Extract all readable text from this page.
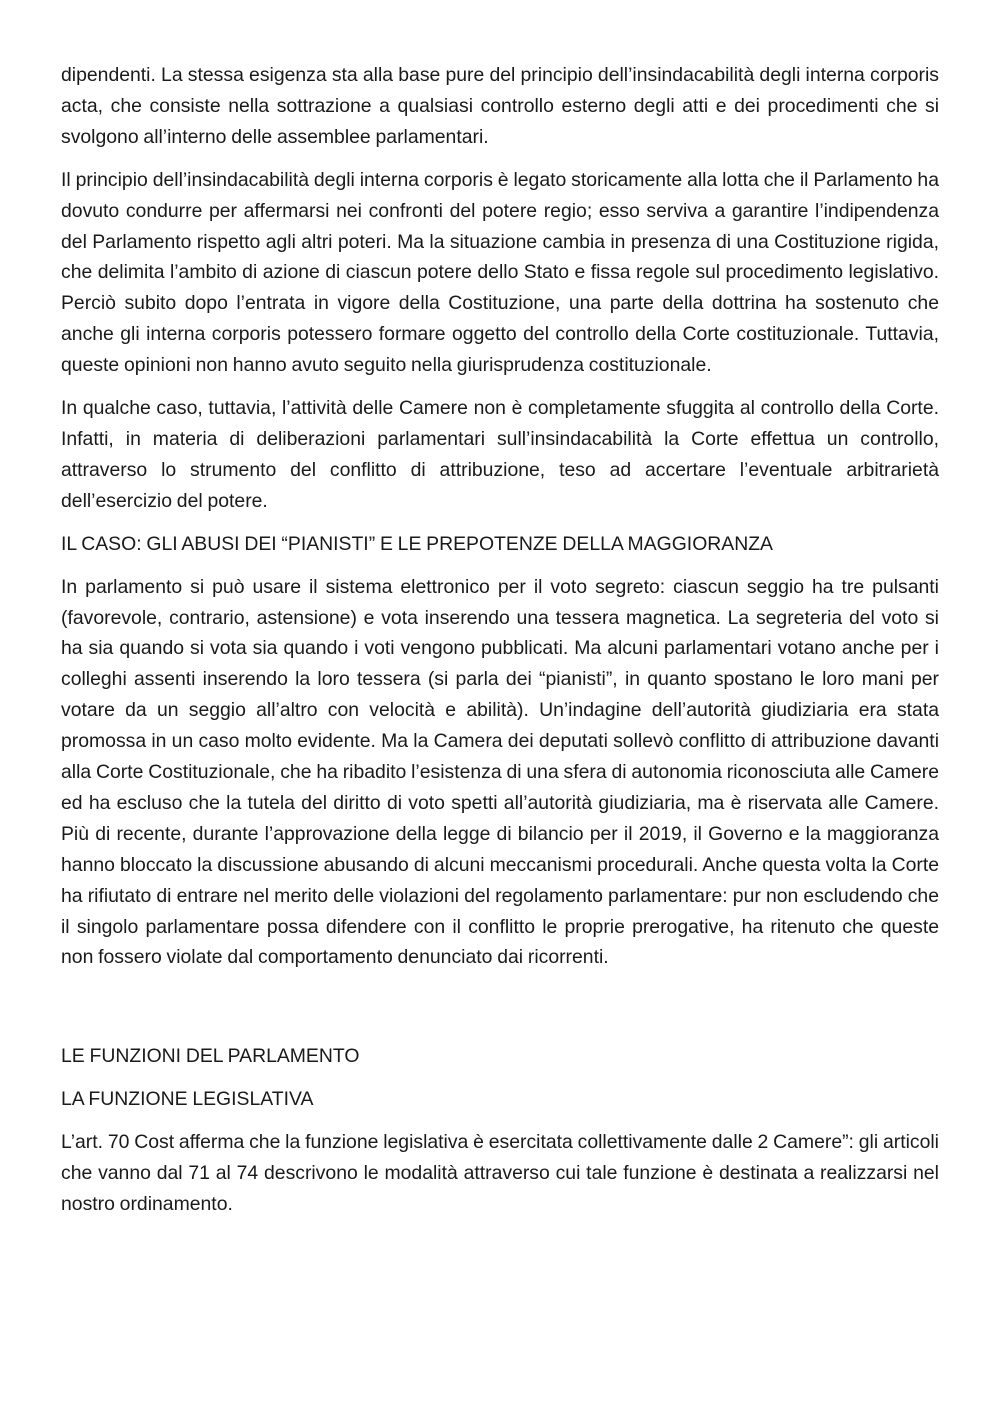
dipendenti. La stessa esigenza sta alla base pure del principio dell’insindacabilità degli interna corporis acta, che consiste nella sottrazione a qualsiasi controllo esterno degli atti e dei procedimenti che si svolgono all’interno delle assemblee parlamentari.

Il principio dell’insindacabilità degli interna corporis è legato storicamente alla lotta che il Parlamento ha dovuto condurre per affermarsi nei confronti del potere regio; esso serviva a garantire l’indipendenza del Parlamento rispetto agli altri poteri. Ma la situazione cambia in presenza di una Costituzione rigida, che delimita l’ambito di azione di ciascun potere dello Stato e fissa regole sul procedimento legislativo. Perciò subito dopo l’entrata in vigore della Costituzione, una parte della dottrina ha sostenuto che anche gli interna corporis potessero formare oggetto del controllo della Corte costituzionale. Tuttavia, queste opinioni non hanno avuto seguito nella giurisprudenza costituzionale.

In qualche caso, tuttavia, l’attività delle Camere non è completamente sfuggita al controllo della Corte. Infatti, in materia di deliberazioni parlamentari sull’insindacabilità la Corte effettua un controllo, attraverso lo strumento del conflitto di attribuzione, teso ad accertare l’eventuale arbitrarietà dell’esercizio del potere.

IL CASO: GLI ABUSI DEI “PIANISTI” E LE PREPOTENZE DELLA MAGGIORANZA

In parlamento si può usare il sistema elettronico per il voto segreto: ciascun seggio ha tre pulsanti (favorevole, contrario, astensione) e vota inserendo una tessera magnetica. La segreteria del voto si ha sia quando si vota sia quando i voti vengono pubblicati. Ma alcuni parlamentari votano anche per i colleghi assenti inserendo la loro tessera (si parla dei “pianisti”, in quanto spostano le loro mani per votare da un seggio all’altro con velocità e abilità). Un’indagine dell’autorità giudiziaria era stata promossa in un caso molto evidente. Ma la Camera dei deputati sollevò conflitto di attribuzione davanti alla Corte Costituzionale, che ha ribadito l’esistenza di una sfera di autonomia riconosciuta alle Camere ed ha escluso che la tutela del diritto di voto spetti all’autorità giudiziaria, ma è riservata alle Camere. Più di recente, durante l’approvazione della legge di bilancio per il 2019, il Governo e la maggioranza hanno bloccato la discussione abusando di alcuni meccanismi procedurali. Anche questa volta la Corte ha rifiutato di entrare nel merito delle violazioni del regolamento parlamentare: pur non escludendo che il singolo parlamentare possa difendere con il conflitto le proprie prerogative, ha ritenuto che queste non fossero violate dal comportamento denunciato dai ricorrenti.

LE FUNZIONI DEL PARLAMENTO

LA FUNZIONE LEGISLATIVA

L’art. 70 Cost afferma che la funzione legislativa è esercitata collettivamente dalle 2 Camere”: gli articoli che vanno dal 71 al 74 descrivono le modalità attraverso cui tale funzione è destinata a realizzarsi nel nostro ordinamento.
